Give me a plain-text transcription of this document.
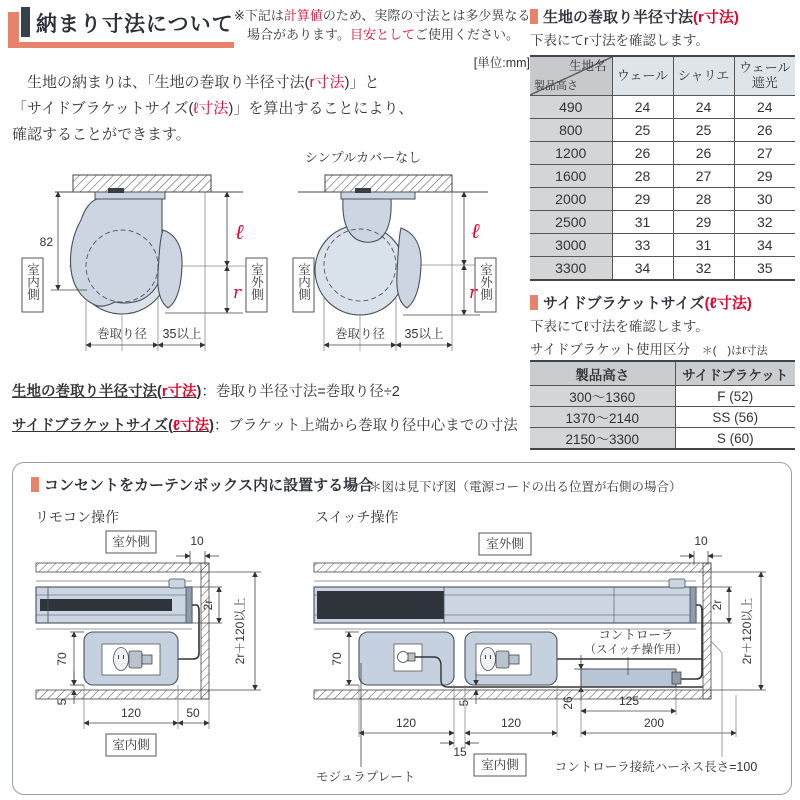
納まり寸法について ※下記は計算値のため、実際の寸法とは多少異なる
場合があります。目安としてご使用ください。
[単位:mm]
　生地の納まりは、「生地の巻取り半径寸法(r寸法)」と
「サイドブラケットサイズ(ℓ寸法)」を算出することにより、
確認することができます。
82
室内側	室外側
ℓ
r
巻取り径 35以上
シンプルカバーなし
室内側	室外側
ℓ
r
巻取り径 35以上
生地の巻取り半径寸法(r寸法)：巻取り半径寸法=巻取り径÷2
サイドブラケットサイズ(ℓ寸法)：ブラケット上端から巻取り径中心までの寸法
生地の巻取り半径寸法(r寸法)
下表にてr寸法を確認します。
生地名
製品高さ	ウェール	シャリエ	ウェール遮光
490	24	24	24
800	25	25	26
1200	26	26	27
1600	28	27	29
2000	29	28	30
2500	31	29	32
3000	33	31	34
3300	34	32	35
サイドブラケットサイズ(ℓ寸法)
下表にてℓ寸法を確認します。
サイドブラケット使用区分 ＊(　)はℓ寸法
製品高さ	サイドブラケット
300～1360	F (52)
1370～2140	SS (56)
2150～3300	S (60)
コンセントをカーテンボックス内に設置する場合
＊図は見下げ図（電源コードの出る位置が右側の場合）
リモコン操作	スイッチ操作
室外側	10
2r 2r＋120以上
70
5
120	50
室内側
室外側	10
コントローラ
（スイッチ操作用）
70
5	26	125
200
120	120
15
モジュラプレート
室内側	コントローラ接続ハーネス長さ=100
2r 2r＋120以上
